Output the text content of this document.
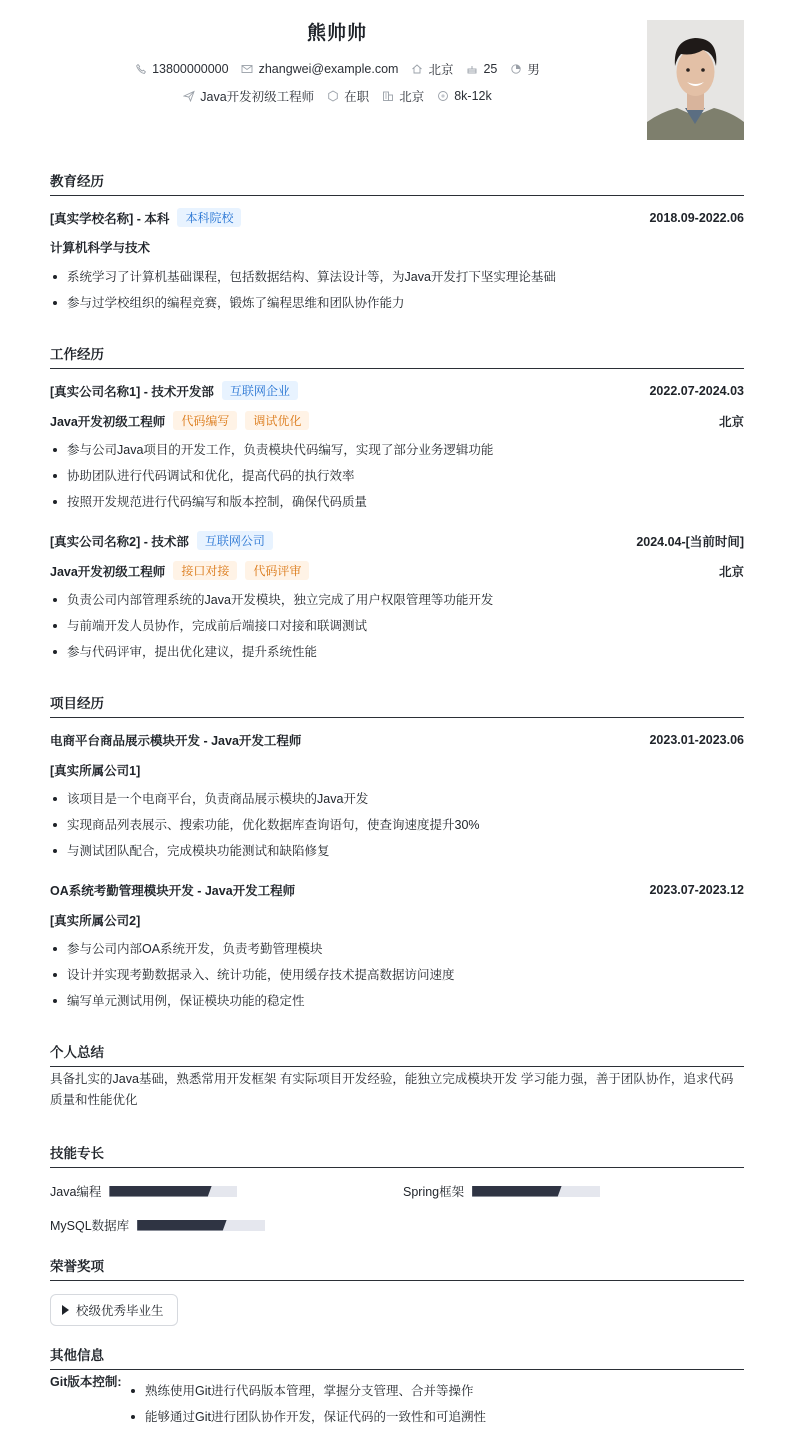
熊帅帅
13800000000 zhangwei@example.com 北京 25 男
Java开发初级工程师 在职 北京 8k-12k
教育经历
[真实学校名称] - 本科	本科院校	2018.09-2022.06
计算机科学与技术
系统学习了计算机基础课程，包括数据结构、算法设计等，为Java开发打下坚实理论基础
参与过学校组织的编程竞赛，锻炼了编程思维和团队协作能力
工作经历
[真实公司名称1] - 技术开发部	互联网企业	2022.07-2024.03
Java开发初级工程师	代码编写	调试优化	北京
参与公司Java项目的开发工作，负责模块代码编写，实现了部分业务逻辑功能
协助团队进行代码调试和优化，提高代码的执行效率
按照开发规范进行代码编写和版本控制，确保代码质量
[真实公司名称2] - 技术部	互联网公司	2024.04-[当前时间]
Java开发初级工程师	接口对接	代码评审	北京
负责公司内部管理系统的Java开发模块，独立完成了用户权限管理等功能开发
与前端开发人员协作，完成前后端接口对接和联调测试
参与代码评审，提出优化建议，提升系统性能
项目经历
电商平台商品展示模块开发 - Java开发工程师	2023.01-2023.06
[真实所属公司1]
该项目是一个电商平台，负责商品展示模块的Java开发
实现商品列表展示、搜索功能，优化数据库查询语句，使查询速度提升30%
与测试团队配合，完成模块功能测试和缺陷修复
OA系统考勤管理模块开发 - Java开发工程师	2023.07-2023.12
[真实所属公司2]
参与公司内部OA系统开发，负责考勤管理模块
设计并实现考勤数据录入、统计功能，使用缓存技术提高数据访问速度
编写单元测试用例，保证模块功能的稳定性
个人总结
具备扎实的Java基础，熟悉常用开发框架 有实际项目开发经验，能独立完成模块开发 学习能力强，善于团队协作，追求代码质量和性能优化
技能专长
Java编程	Spring框架
MySQL数据库
荣誉奖项
校级优秀毕业生
其他信息
Git版本控制:
熟练使用Git进行代码版本管理，掌握分支管理、合并等操作
能够通过Git进行团队协作开发，保证代码的一致性和可追溯性
